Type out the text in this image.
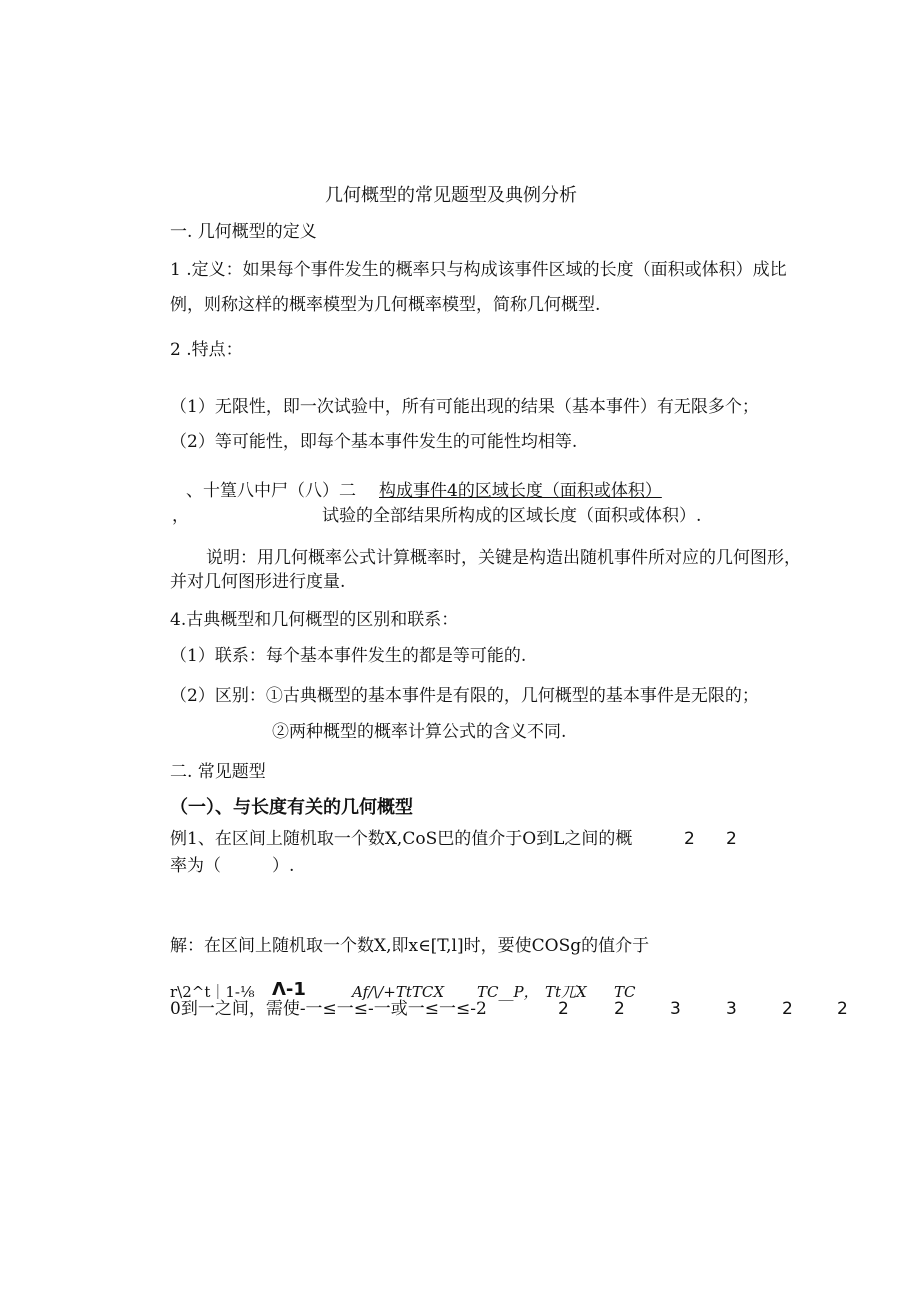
几何概型的常见题型及典例分析
一. 几何概型的定义
1 .定义：如果每个事件发生的概率只与构成该事件区域的长度（面积或体积）成比
例，则称这样的概率模型为几何概率模型，简称几何概型.
2 .特点：
（1）无限性，即一次试验中，所有可能出现的结果（基本事件）有无限多个；
（2）等可能性，即每个基本事件发生的可能性均相等.
、十篁八中尸（八）二 构成事件4的区域长度（面积或体积）
，	试验的全部结果所构成的区域长度（面积或体积）.
说明：用几何概率公式计算概率时，关键是构造出随机事件所对应的几何图形，
并对几何图形进行度量.
4.古典概型和几何概型的区别和联系：
（1）联系：每个基本事件发生的都是等可能的.
（2）区别：①古典概型的基本事件是有限的，几何概型的基本事件是无限的；
②两种概型的概率计算公式的含义不同.
二. 常见题型
（一）、与长度有关的几何概型
例1、在区间上随机取一个数X,CoS巴的值介于O到L之间的概	2 2
率为（　　　）.
解：在区间上随机取一个数X,即x∈[T,l]时，要使COSg的值介于
r\2^t｜1-⅛ Λ-1	Af/\/+TtTCX TC__P， Tt兀X TC
0到一之间，需使-一≤一≤-一或一≤一≤-2	2	2	3	3	2	2
